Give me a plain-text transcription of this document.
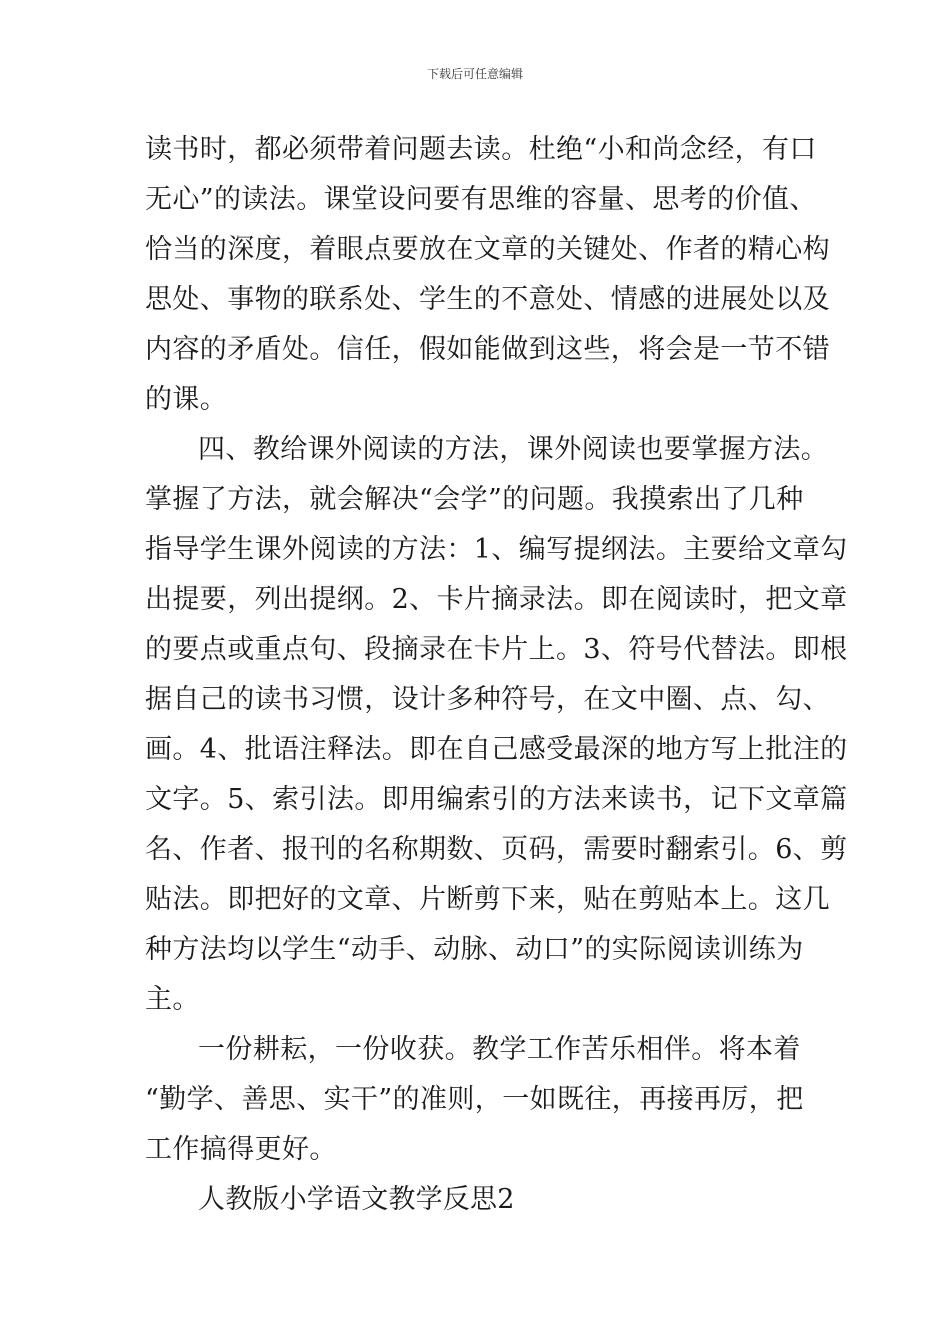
下载后可任意编辑
读书时，都必须带着问题去读。杜绝“小和尚念经，有口
无心”的读法。课堂设问要有思维的容量、思考的价值、
恰当的深度，着眼点要放在文章的关键处、作者的精心构
思处、事物的联系处、学生的不意处、情感的进展处以及
内容的矛盾处。信任，假如能做到这些，将会是一节不错
的课。
四、教给课外阅读的方法，课外阅读也要掌握方法。
掌握了方法，就会解决“会学”的问题。我摸索出了几种
指导学生课外阅读的方法：1、编写提纲法。主要给文章勾
出提要，列出提纲。2、卡片摘录法。即在阅读时，把文章
的要点或重点句、段摘录在卡片上。3、符号代替法。即根
据自己的读书习惯，设计多种符号，在文中圈、点、勾、
画。4、批语注释法。即在自己感受最深的地方写上批注的
文字。5、索引法。即用编索引的方法来读书，记下文章篇
名、作者、报刊的名称期数、页码，需要时翻索引。6、剪
贴法。即把好的文章、片断剪下来，贴在剪贴本上。这几
种方法均以学生“动手、动脉、动口”的实际阅读训练为
主。
一份耕耘，一份收获。教学工作苦乐相伴。将本着
“勤学、善思、实干”的准则，一如既往，再接再厉，把
工作搞得更好。
人教版小学语文教学反思2
